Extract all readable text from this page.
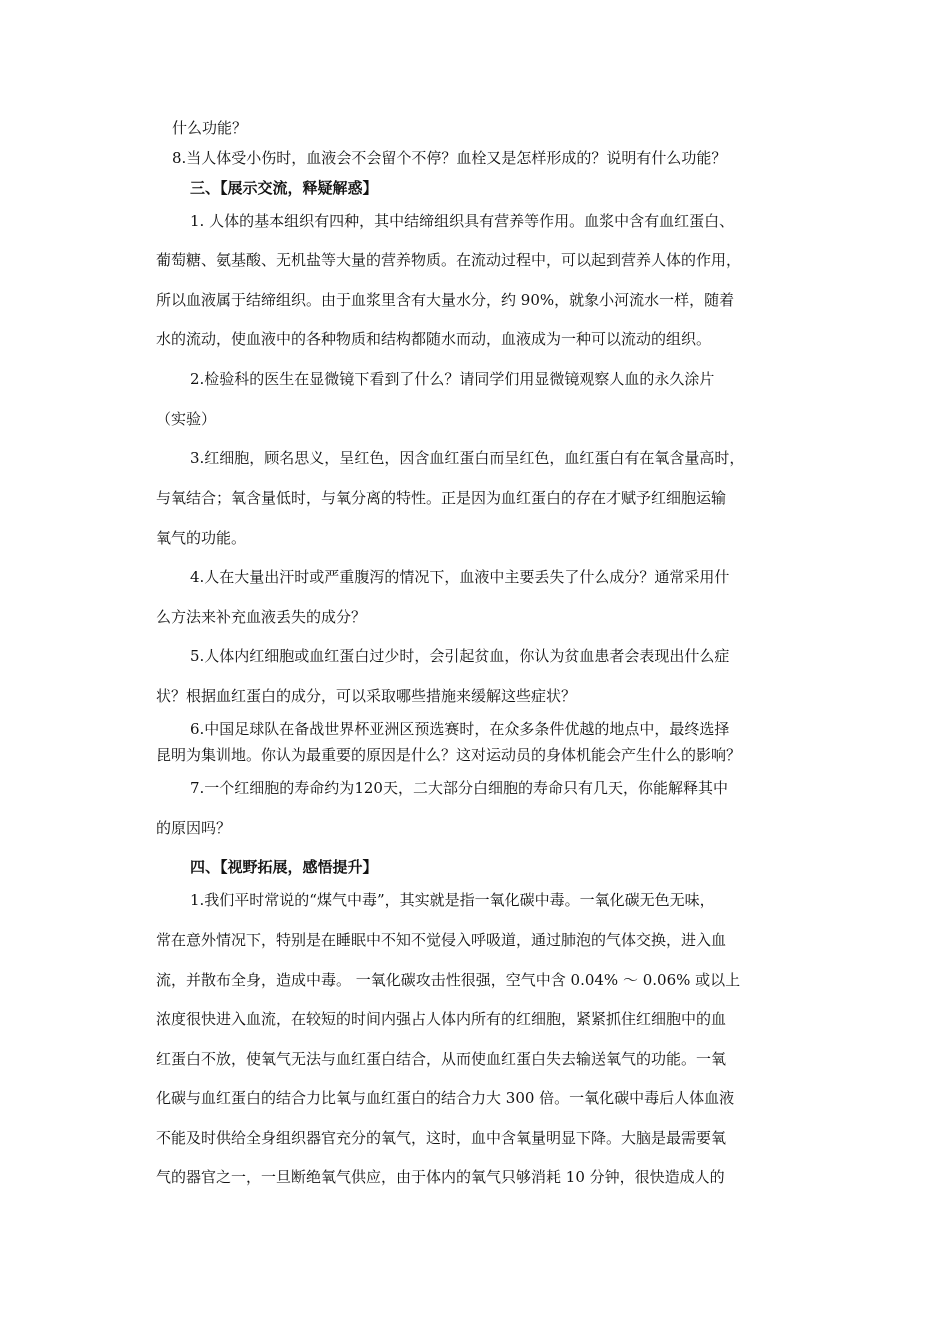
什么功能？
8.当人体受小伤时，血液会不会留个不停？血栓又是怎样形成的？说明有什么功能？
三、【展示交流，释疑解惑】
1. 人体的基本组织有四种，其中结缔组织具有营养等作用。血浆中含有血红蛋白、
葡萄糖、氨基酸、无机盐等大量的营养物质。在流动过程中，可以起到营养人体的作用，
所以血液属于结缔组织。由于血浆里含有大量水分，约 90%，就象小河流水一样，随着
水的流动，使血液中的各种物质和结构都随水而动，血液成为一种可以流动的组织。
2.检验科的医生在显微镜下看到了什么？请同学们用显微镜观察人血的永久涂片
（实验）
3.红细胞，顾名思义，呈红色，因含血红蛋白而呈红色，血红蛋白有在氧含量高时，
与氧结合；氧含量低时，与氧分离的特性。正是因为血红蛋白的存在才赋予红细胞运输
氧气的功能。
4.人在大量出汗时或严重腹泻的情况下，血液中主要丢失了什么成分？通常采用什
么方法来补充血液丢失的成分？
5.人体内红细胞或血红蛋白过少时，会引起贫血，你认为贫血患者会表现出什么症
状？根据血红蛋白的成分，可以采取哪些措施来缓解这些症状？
6.中国足球队在备战世界杯亚洲区预选赛时，在众多条件优越的地点中，最终选择
昆明为集训地。你认为最重要的原因是什么？这对运动员的身体机能会产生什么的影响？
7.一个红细胞的寿命约为120天，二大部分白细胞的寿命只有几天，你能解释其中
的原因吗？
四、【视野拓展，感悟提升】
1.我们平时常说的“煤气中毒”，其实就是指一氧化碳中毒。一氧化碳无色无味，
常在意外情况下，特别是在睡眠中不知不觉侵入呼吸道，通过肺泡的气体交换，进入血
流，并散布全身，造成中毒。 一氧化碳攻击性很强，空气中含 0.04% ～ 0.06% 或以上
浓度很快进入血流，在较短的时间内强占人体内所有的红细胞，紧紧抓住红细胞中的血
红蛋白不放，使氧气无法与血红蛋白结合，从而使血红蛋白失去输送氧气的功能。一氧
化碳与血红蛋白的结合力比氧与血红蛋白的结合力大 300 倍。一氧化碳中毒后人体血液
不能及时供给全身组织器官充分的氧气，这时，血中含氧量明显下降。大脑是最需要氧
气的器官之一，一旦断绝氧气供应，由于体内的氧气只够消耗 10 分钟，很快造成人的
